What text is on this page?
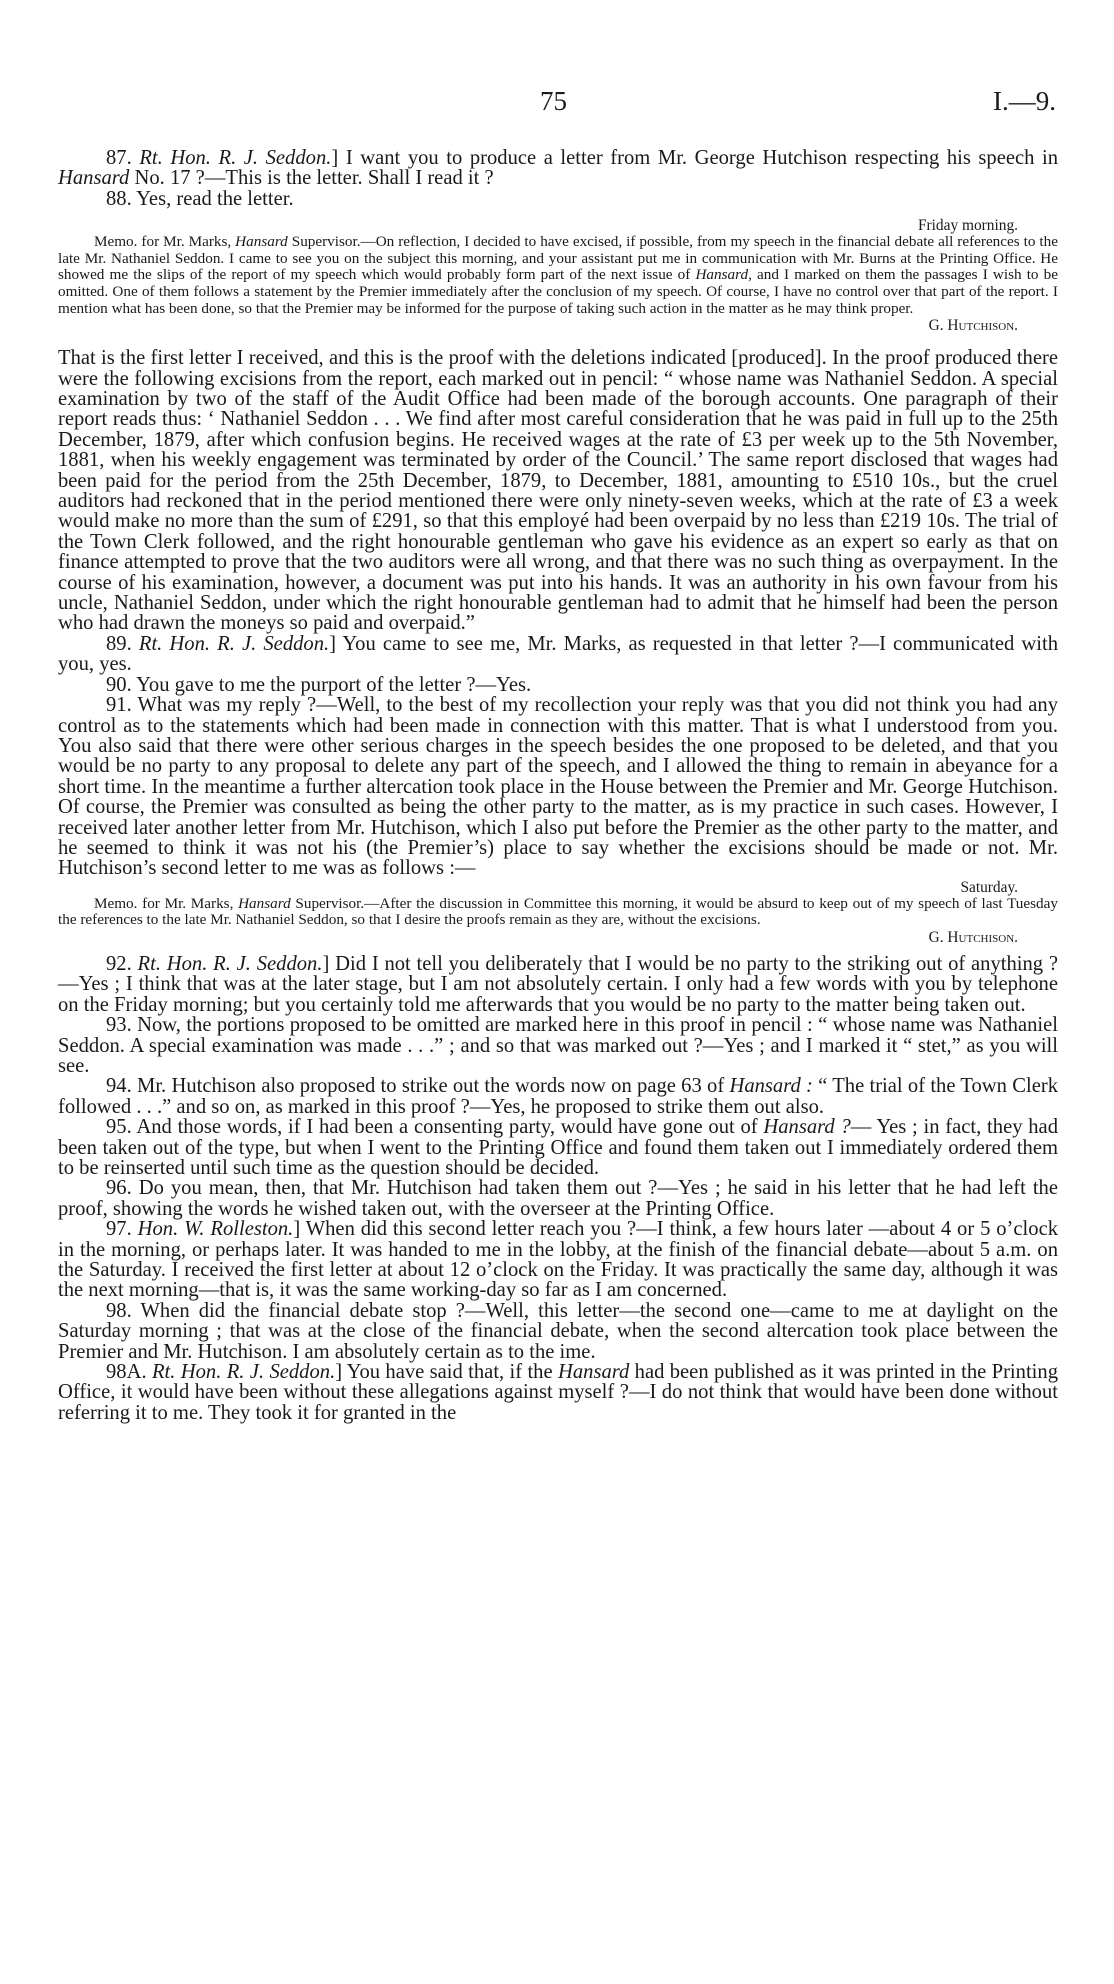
75	I.—9.

87. Rt. Hon. R. J. Seddon.] I want you to produce a letter from Mr. George Hutchison respecting his speech in Hansard No. 17 ?—This is the letter. Shall I read it ?

88. Yes, read the letter.

Friday morning.

Memo. for Mr. Marks, Hansard Supervisor.—On reflection, I decided to have excised, if possible, from my speech in the financial debate all references to the late Mr. Nathaniel Seddon. I came to see you on the subject this morning, and your assistant put me in communication with Mr. Burns at the Printing Office. He showed me the slips of the report of my speech which would probably form part of the next issue of Hansard, and I marked on them the passages I wish to be omitted. One of them follows a statement by the Premier immediately after the conclusion of my speech. Of course, I have no control over that part of the report. I mention what has been done, so that the Premier may be informed for the purpose of taking such action in the matter as he may think proper.

G. Hutchison.

That is the first letter I received, and this is the proof with the deletions indicated [produced]. In the proof produced there were the following excisions from the report, each marked out in pencil: “ whose name was Nathaniel Seddon. A special examination by two of the staff of the Audit Office had been made of the borough accounts. One paragraph of their report reads thus: ‘ Nathaniel Seddon . . . We find after most careful consideration that he was paid in full up to the 25th December, 1879, after which confusion begins. He received wages at the rate of £3 per week up to the 5th November, 1881, when his weekly engagement was terminated by order of the Council.’ The same report disclosed that wages had been paid for the period from the 25th December, 1879, to December, 1881, amounting to £510 10s., but the cruel auditors had reckoned that in the period mentioned there were only ninety-seven weeks, which at the rate of £3 a week would make no more than the sum of £291, so that this employé had been overpaid by no less than £219 10s. The trial of the Town Clerk followed, and the right honourable gentleman who gave his evidence as an expert so early as that on finance attempted to prove that the two auditors were all wrong, and that there was no such thing as overpayment. In the course of his examination, however, a document was put into his hands. It was an authority in his own favour from his uncle, Nathaniel Seddon, under which the right honourable gentleman had to admit that he himself had been the person who had drawn the moneys so paid and overpaid.”

89. Rt. Hon. R. J. Seddon.] You came to see me, Mr. Marks, as requested in that letter ?—I communicated with you, yes.

90. You gave to me the purport of the letter ?—Yes.

91. What was my reply ?—Well, to the best of my recollection your reply was that you did not think you had any control as to the statements which had been made in connection with this matter. That is what I understood from you. You also said that there were other serious charges in the speech besides the one proposed to be deleted, and that you would be no party to any proposal to delete any part of the speech, and I allowed the thing to remain in abeyance for a short time. In the meantime a further altercation took place in the House between the Premier and Mr. George Hutchison. Of course, the Premier was consulted as being the other party to the matter, as is my practice in such cases. However, I received later another letter from Mr. Hutchison, which I also put before the Premier as the other party to the matter, and he seemed to think it was not his (the Premier’s) place to say whether the excisions should be made or not. Mr. Hutchison’s second letter to me was as follows :—

Saturday.

Memo. for Mr. Marks, Hansard Supervisor.—After the discussion in Committee this morning, it would be absurd to keep out of my speech of last Tuesday the references to the late Mr. Nathaniel Seddon, so that I desire the proofs remain as they are, without the excisions.

G. Hutchison.

92. Rt. Hon. R. J. Seddon.] Did I not tell you deliberately that I would be no party to the striking out of anything ?—Yes ; I think that was at the later stage, but I am not absolutely certain. I only had a few words with you by telephone on the Friday morning; but you certainly told me afterwards that you would be no party to the matter being taken out.

93. Now, the portions proposed to be omitted are marked here in this proof in pencil : “ whose name was Nathaniel Seddon. A special examination was made . . .” ; and so that was marked out ?—Yes ; and I marked it “ stet,” as you will see.

94. Mr. Hutchison also proposed to strike out the words now on page 63 of Hansard : “ The trial of the Town Clerk followed . . .” and so on, as marked in this proof ?—Yes, he proposed to strike them out also.

95. And those words, if I had been a consenting party, would have gone out of Hansard ?— Yes ; in fact, they had been taken out of the type, but when I went to the Printing Office and found them taken out I immediately ordered them to be reinserted until such time as the question should be decided.

96. Do you mean, then, that Mr. Hutchison had taken them out ?—Yes ; he said in his letter that he had left the proof, showing the words he wished taken out, with the overseer at the Printing Office.

97. Hon. W. Rolleston.] When did this second letter reach you ?—I think, a few hours later —about 4 or 5 o’clock in the morning, or perhaps later. It was handed to me in the lobby, at the finish of the financial debate—about 5 a.m. on the Saturday. I received the first letter at about 12 o’clock on the Friday. It was practically the same day, although it was the next morning—that is, it was the same working-day so far as I am concerned.

98. When did the financial debate stop ?—Well, this letter—the second one—came to me at daylight on the Saturday morning ; that was at the close of the financial debate, when the second altercation took place between the Premier and Mr. Hutchison. I am absolutely certain as to the ime.

98A. Rt. Hon. R. J. Seddon.] You have said that, if the Hansard had been published as it was printed in the Printing Office, it would have been without these allegations against myself ?—I do not think that would have been done without referring it to me. They took it for granted in the
